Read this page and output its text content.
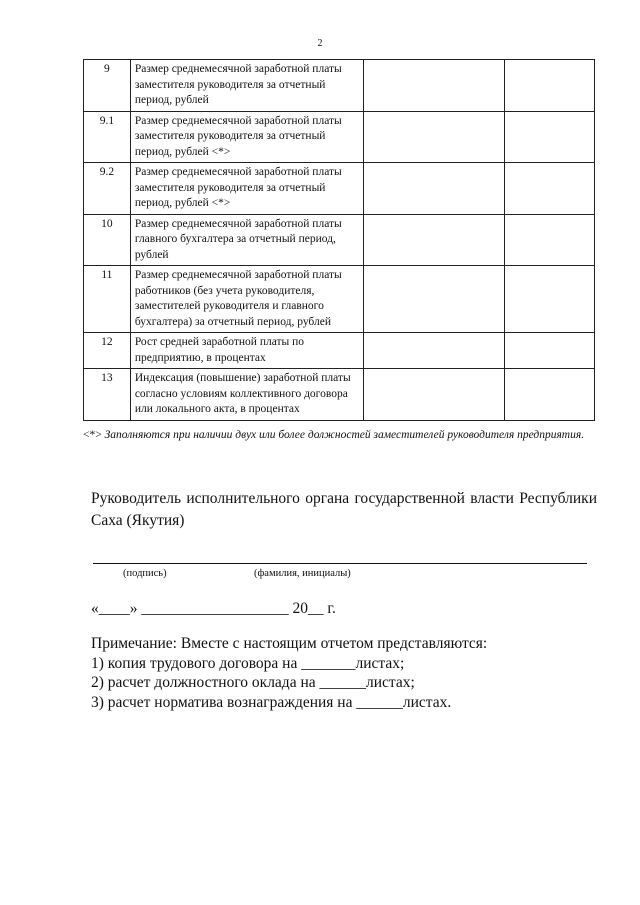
2
9	Размер среднемесячной заработной платы заместителя руководителя за отчетный период, рублей		
9.1	Размер среднемесячной заработной платы заместителя руководителя за отчетный период, рублей <*>		
9.2	Размер среднемесячной заработной платы заместителя руководителя за отчетный период, рублей <*>		
10	Размер среднемесячной заработной платы главного бухгалтера за отчетный период, рублей		
11	Размер среднемесячной заработной платы работников (без учета руководителя, заместителей руководителя и главного бухгалтера) за отчетный период, рублей		
12	Рост средней заработной платы по предприятию, в процентах		
13	Индексация (повышение) заработной платы согласно условиям коллективного договора или локального акта, в процентах		
<*> Заполняются при наличии двух или более должностей заместителей руководителя предприятия.
Руководитель исполнительного органа государственной власти Республики Саха (Якутия)
(подпись)	(фамилия, инициалы)
«____» ___________________ 20__ г.
Примечание: Вместе с настоящим отчетом представляются:
1) копия трудового договора на _______листах;
2) расчет должностного оклада на ______листах;
3) расчет норматива вознаграждения на ______листах.
